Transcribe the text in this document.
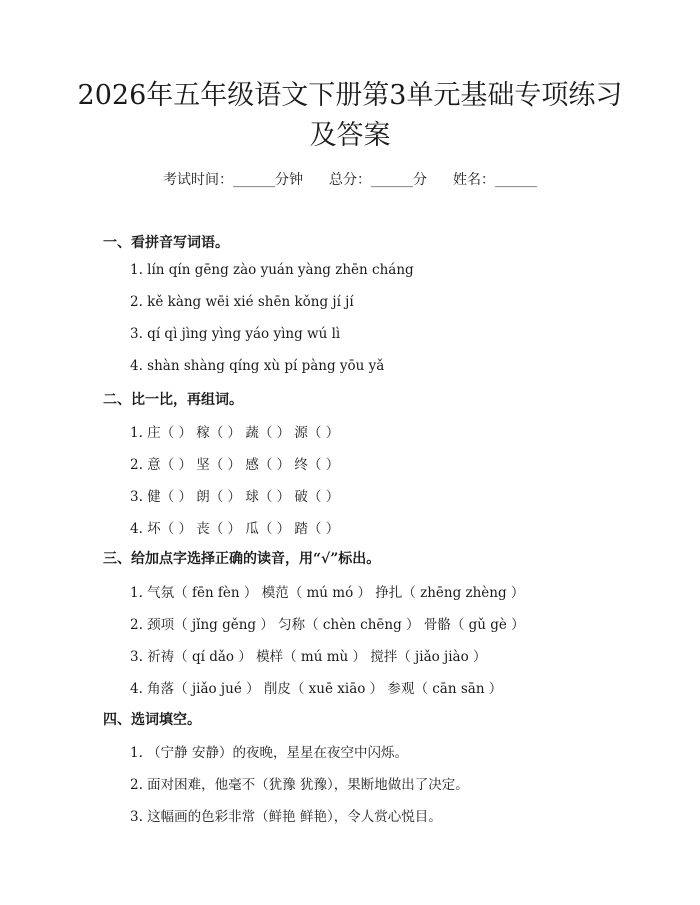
2026年五年级语文下册第3单元基础专项练习及答案
考试时间：______分钟 总分：______分 姓名：______
一、看拼音写词语。
1. lín qín gēng zào yuán yàng zhēn cháng
2. kě kàng wēi xié shēn kǒng jí jí
3. qí qì jìng yìng yáo yìng wú lì
4. shàn shàng qíng xù pí pàng yōu yǎ
二、比一比，再组词。
1. 庄（ ） 稼（ ） 蔬（ ） 源（ ）
2. 意（ ） 坚（ ） 感（ ） 终（ ）
3. 健（ ） 朗（ ） 球（ ） 破（ ）
4. 坏（ ） 丧（ ） 瓜（ ） 踏（ ）
三、给加点字选择正确的读音，用“√”标出。
1. 气氛（ fēn fèn ） 模范（ mú mó ） 挣扎（ zhēng zhèng ）
2. 颈项（ jǐng gěng ） 匀称（ chèn chēng ） 骨骼（ gǔ gè ）
3. 祈祷（ qí dǎo ） 模样（ mú mù ） 搅拌（ jiǎo jiào ）
4. 角落（ jiǎo jué ） 削皮（ xuē xiāo ） 参观（ cān sān ）
四、选词填空。
1. （宁静 安静）的夜晚，星星在夜空中闪烁。
2. 面对困难，他毫不（犹豫 犹豫），果断地做出了决定。
3. 这幅画的色彩非常（鲜艳 鲜艳），令人赏心悦目。
